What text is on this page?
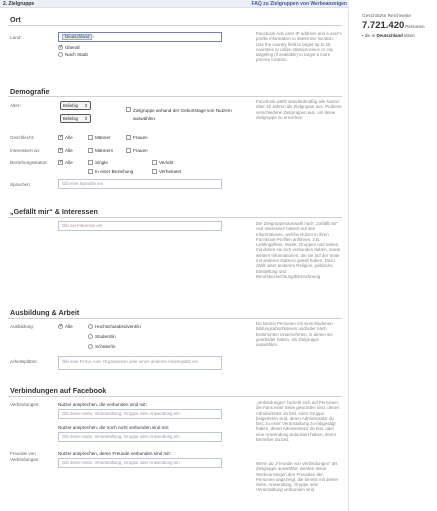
2. Zielgruppe	FAQ zu Zielgruppen von Werbeanzeigen
Ort
Land:	Deutschland ×
✓
Überall
Nach Stadt
Facebook Ads uses IP address and a user's profile information to determine location. Use the country field to target up to 25 countries or utilize state/province or city targeting (if available) to target a more precise location.
Demografie
Alter:	Beliebig ⇕
Beliebig ⇕
Zielgruppe anhand der Geburtstage von Nutzern auswählen
Facebook wählt standardmäßig alle Nutzer über 18 Jahren als Zielgruppe aus. Probiere verschiedene Zielgruppen aus, um deine Zielgruppe zu erreichen.
Geschlecht: ✓	Alle	Männer	Frauen
Interessiert an: ✓	Alle	Männern	Frauen
Beziehungsstatus: ✓	Alle	Single	Verlobt
In einer Beziehung	Verheiratet
Sprachen:	Gib eine Sprache ein
„Gefällt mir“ & Interessen
Gib ein Interesse ein	Die Zielgruppenauswahl nach „Gefällt mir“ und Interessen basiert auf den Informationen, welche Nutzer in ihren Facebook-Profilen anführen, z.B. Lieblingsfilme, Musik, Gruppen und Seiten, mit denen sie sich verbunden haben, sowie weitere Informationen, die sie auf der Seite mit anderen Nutzern geteilt haben. Dazu zählt unter anderem Religion, politische Einstellung und Berufsbezeichnung/Bezeichnung.
Ausbildung & Arbeit
Ausbildung: ✓	Alle	Hochschulabsolvent/in
Student/in
Schüler/in
Du kannst Personen mit verschiedenen Bildungsabschlüssen und/oder nach bestimmten Unternehmen, in denen sie gearbeitet haben, als Zielgruppe auswählen.
Arbeitsplätze:	Gib eine Firma, eine Organisation oder einen anderen Arbeitsplatz ein
Verbindungen auf Facebook
Verbindungen:	Nutzer ansprechen, die verbunden sind mit:
Gib deine Seite, Veranstaltung, Gruppe oder Anwendung ein
Nutzer ansprechen, die noch nicht verbunden sind mit:
Gib deine Seite, Veranstaltung, Gruppe oder Anwendung ein
Freunde von Verbindungen:
Nutzer ansprechen, deren Freunde verbunden sind mit:
Gib deine Seite, Veranstaltung, Gruppe oder Anwendung ein
„Verbindungen“ bezieht sich auf Personen, die Fans einer Seite geworden sind, denen Administrator du bist, einer Gruppe beigetreten sind, deren Administrator du bist, zu einer Veranstaltung zu-/abgesagt haben, deren Administrator du bist, oder eine Anwendung autorisiert haben, deren Betreiber du bist.
Wenn du „Freunde von Verbindungen“ als Zielgruppe auswählst, werden deine Werbeanzeigen den Freunden der Personen angezeigt, die bereits mit deiner Seite, Anwendung, Gruppe oder Veranstaltung verbunden sind.
Geschätzte Reichweite
7.721.420Personen
• die in Deutschland leben
